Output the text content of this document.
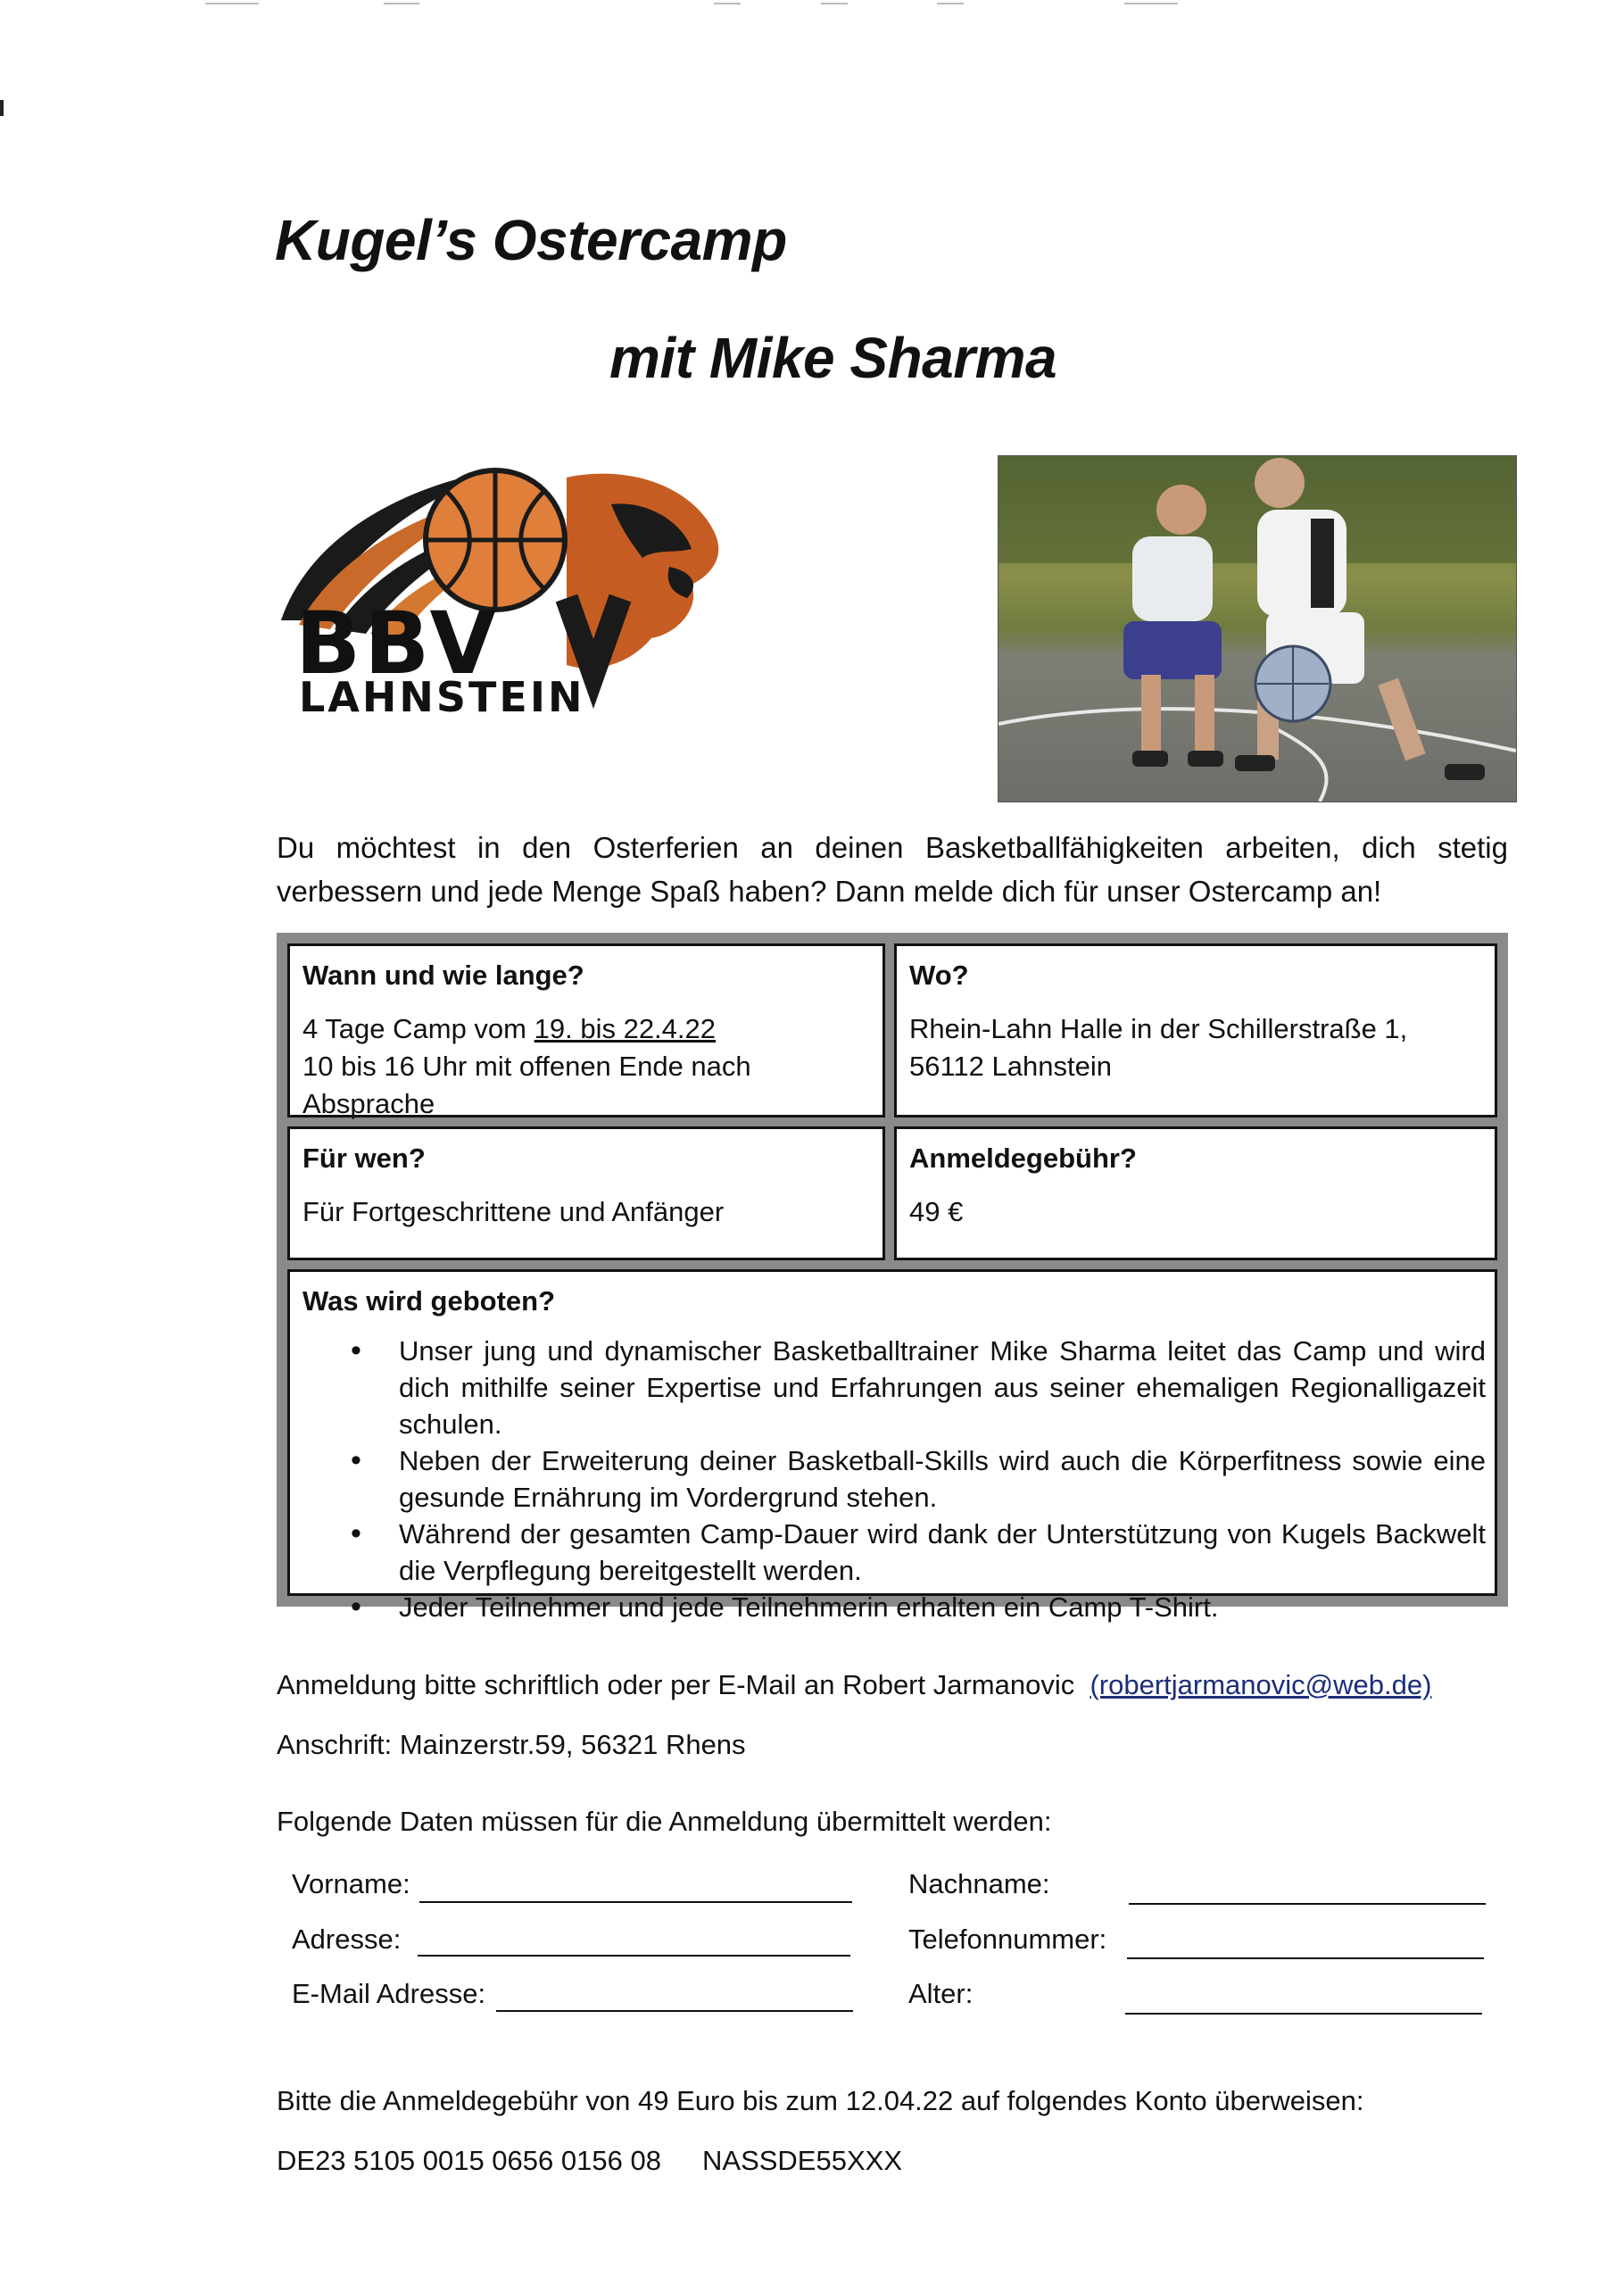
Kugel’s Ostercamp
mit Mike Sharma
BBV
LAHNSTEIN
Du möchtest in den Osterferien an deinen Basketballfähigkeiten arbeiten, dich stetig verbessern und jede Menge Spaß haben? Dann melde dich für unser Ostercamp an!
Wann und wie lange?
4 Tage Camp vom 19. bis 22.4.22
10 bis 16 Uhr mit offenen Ende nach Absprache
Wo?
Rhein-Lahn Halle in der Schillerstraße 1, 56112 Lahnstein
Für wen?
Für Fortgeschrittene und Anfänger
Anmeldegebühr?
49 €
Was wird geboten?
• Unser jung und dynamischer Basketballtrainer Mike Sharma leitet das Camp und wird dich mithilfe seiner Expertise und Erfahrungen aus seiner ehemaligen Regionalligazeit schulen.
• Neben der Erweiterung deiner Basketball-Skills wird auch die Körperfitness sowie eine gesunde Ernährung im Vordergrund stehen.
• Während der gesamten Camp-Dauer wird dank der Unterstützung von Kugels Backwelt die Verpflegung bereitgestellt werden.
• Jeder Teilnehmer und jede Teilnehmerin erhalten ein Camp T-Shirt.
Anmeldung bitte schriftlich oder per E-Mail an Robert Jarmanovic (robertjarmanovic@web.de)
Anschrift: Mainzerstr.59, 56321 Rhens
Folgende Daten müssen für die Anmeldung übermittelt werden:
Vorname:	Nachname:
Adresse:	Telefonnummer:
E-Mail Adresse:	Alter:
Bitte die Anmeldegebühr von 49 Euro bis zum 12.04.22 auf folgendes Konto überweisen:
DE23 5105 0015 0656 0156 08 NASSDE55XXX
